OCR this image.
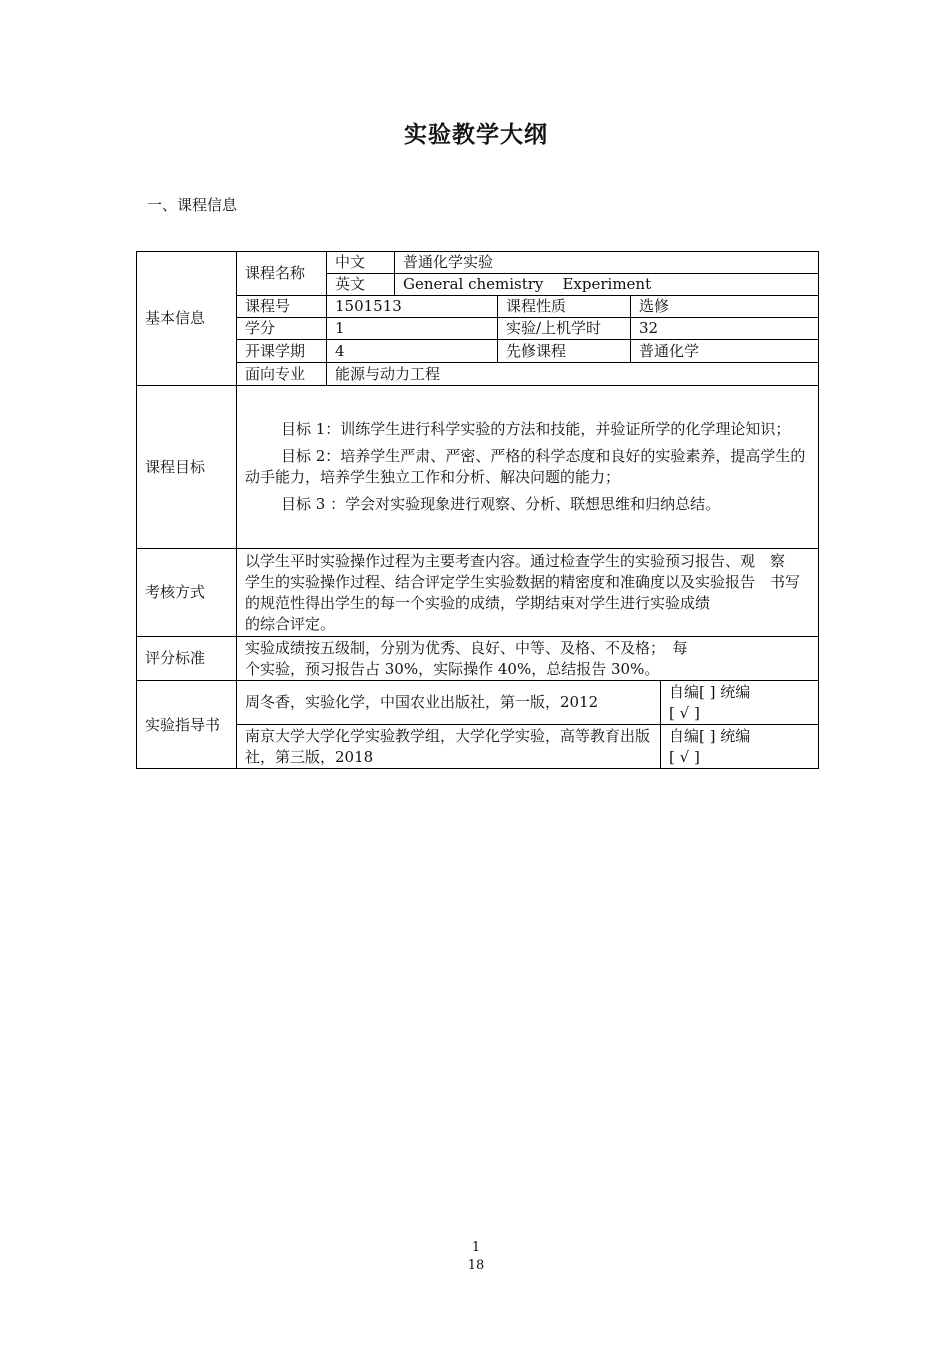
实验教学大纲
一、课程信息
基本信息	课程名称	中文	普通化学实验			
		英文	General chemistry    Experiment			
	课程号	1501513		课程性质	选修	
	学分	1		实验/上机学时	32	
	开课学期	4		先修课程	普通化学	
	面向专业	能源与动力工程				
课程目标	目标 1：训练学生进行科学实验的方法和技能，并验证所学的化学理论知识；

目标 2：培养学生严肃、严密、严格的科学态度和良好的实验素养，提高学生的动手能力，培养学生独立工作和分析、解决问题的能力；

目标 3 ：学会对实验现象进行观察、分析、联想思维和归纳总结。					

考核方式	以学生平时实验操作过程为主要考查内容。通过检查学生的实验预习报告、观　察
学生的实验操作过程、结合评定学生实验数据的精密度和准确度以及实验报告　书写
的规范性得出学生的每一个实验的成绩，学期结束对学生进行实验成绩
的综合评定。					

评分标准	实验成绩按五级制，分别为优秀、良好、中等、及格、不及格；　每
个实验，预习报告占 30%，实际操作 40%，总结报告 30%。					

实验指导书	周冬香，实验化学，中国农业出版社，第一版，2012					自编[ ] 统编
[ √ ]

	南京大学大学化学实验教学组，大学化学实验，高等教育出版社，第三版，2018					自编[ ] 统编
[ √ ]
1
18
